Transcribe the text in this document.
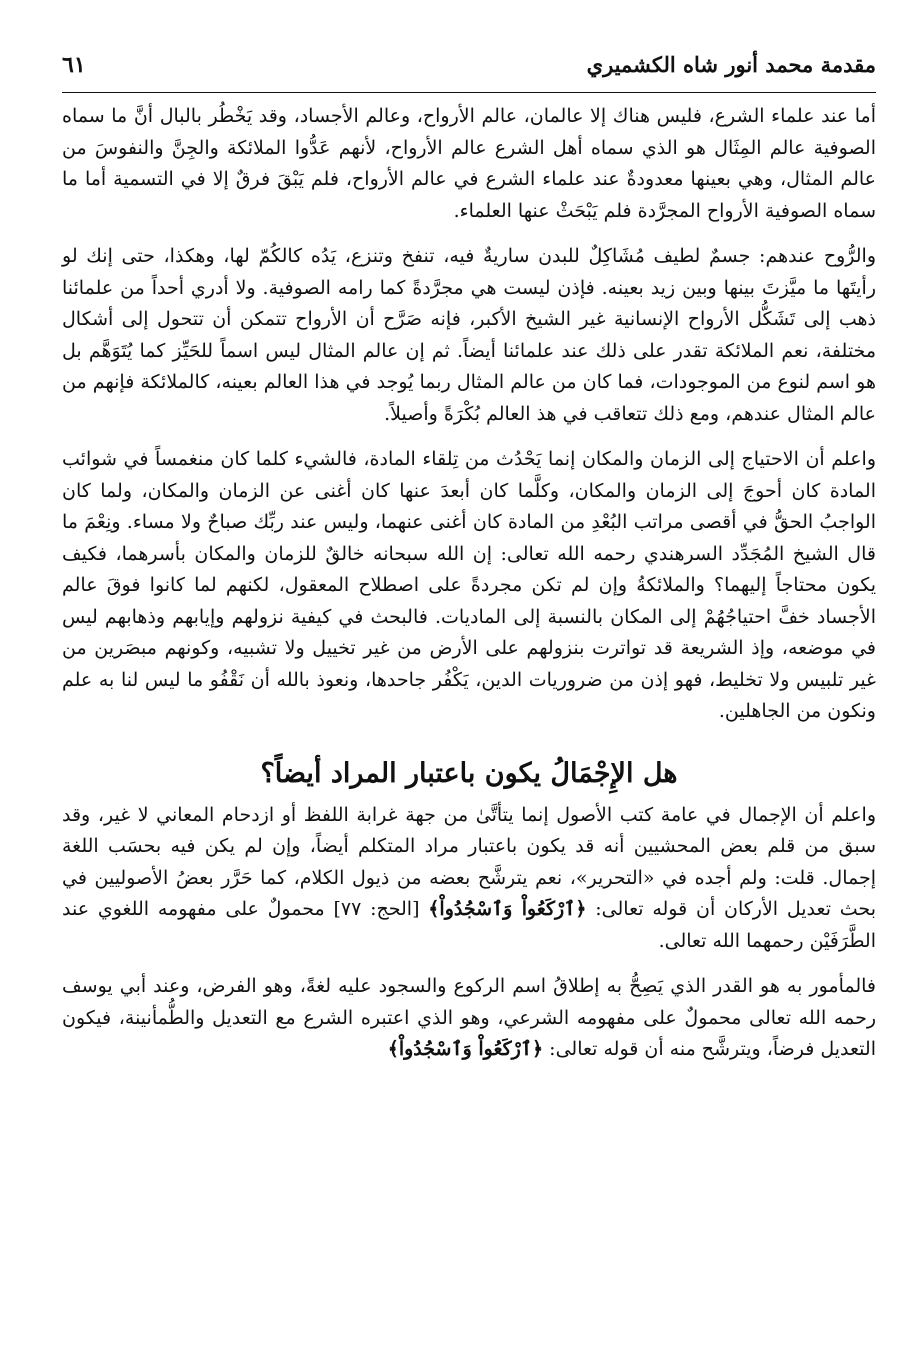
مقدمة محمد أنور شاه الكشميري
٦١

أما عند علماء الشرع، فليس هناك إلا عالمان، عالم الأرواح، وعالم الأجساد، وقد يَخْطُر بالبال أنَّ ما سماه الصوفية عالم المِثَال هو الذي سماه أهل الشرع عالم الأرواح، لأنهم عَدُّوا الملائكة والجِنَّ والنفوسَ من عالم المثال، وهي بعينها معدودةٌ عند علماء الشرع في عالم الأرواح، فلم يَبْقَ فرقٌ إلا في التسمية أما ما سماه الصوفية الأرواح المجرَّدة فلم يَبْحَثْ عنها العلماء.

والرُّوح عندهم: جسمٌ لطيف مُشَاكِلٌ للبدن ساريةٌ فيه، تنفخ وتنزع، يَدُه كالكُمّ لها، وهكذا، حتى إنك لو رأيتَها ما ميَّزتَ بينها وبين زيد بعينه. فإذن ليست هي مجرَّدةً كما رامه الصوفية. ولا أدري أحداً من علمائنا ذهب إلى تَشَكُّل الأرواح الإنسانية غير الشيخ الأكبر، فإنه صَرَّح أن الأرواح تتمكن أن تتحول إلى أشكال مختلفة، نعم الملائكة تقدر على ذلك عند علمائنا أيضاً. ثم إن عالم المثال ليس اسماً للحَيِّز كما يُتَوَهَّم بل هو اسم لنوع من الموجودات، فما كان من عالم المثال ربما يُوجد في هذا العالم بعينه، كالملائكة فإنهم من عالم المثال عندهم، ومع ذلك تتعاقب في هذ العالم بُكْرَةً وأصيلاً.

واعلم أن الاحتياج إلى الزمان والمكان إنما يَحْدُث من تِلقاء المادة، فالشيء كلما كان منغمساً في شوائب المادة كان أحوجَ إلى الزمان والمكان، وكلَّما كان أبعدَ عنها كان أغنى عن الزمان والمكان، ولما كان الواجبُ الحقُّ في أقصى مراتب البُعْدِ من المادة كان أغنى عنهما، وليس عند ربِّك صباحٌ ولا مساء. ونِعْمَ ما قال الشيخ المُجَدِّد السرهندي رحمه الله تعالى: إن الله سبحانه خالقٌ للزمان والمكان بأسرهما، فكيف يكون محتاجاً إليهما؟ والملائكةُ وإن لم تكن مجردةً على اصطلاح المعقول، لكنهم لما كانوا فوقَ عالم الأجساد خفَّ احتياجُهُمْ إلى المكان بالنسبة إلى الماديات. فالبحث في كيفية نزولهم وإيابهم وذهابهم ليس في موضعه، وإذ الشريعة قد تواترت بنزولهم على الأرض من غير تخييل ولا تشبيه، وكونهم مبصَرين من غير تلبيس ولا تخليط، فهو إذن من ضروريات الدين، يَكْفُر جاحدها، ونعوذ بالله أن نَقْفُو ما ليس لنا به علم ونكون من الجاهلين.

هل الإِجْمَالُ يكون باعتبار المراد أيضاً؟

واعلم أن الإجمال في عامة كتب الأصول إنما يتأتَّىٰ من جهة غرابة اللفظ أو ازدحام المعاني لا غير، وقد سبق من قلم بعض المحشيين أنه قد يكون باعتبار مراد المتكلم أيضاً، وإن لم يكن فيه بحسَب اللغة إجمال. قلت: ولم أجده في «التحرير»، نعم يترشَّح بعضه من ذيول الكلام، كما حَرَّر بعضُ الأصوليين في بحث تعديل الأركان أن قوله تعالى: ﴿ٱرْكَعُواْ وَٱسْجُدُواْ﴾ [الحج: ٧٧] محمولٌ على مفهومه اللغوي عند الطَّرَفَيْن رحمهما الله تعالى.

فالمأمور به هو القدر الذي يَصِحُّ به إطلاقُ اسم الركوع والسجود عليه لغةً، وهو الفرض، وعند أبي يوسف رحمه الله تعالى محمولٌ على مفهومه الشرعي، وهو الذي اعتبره الشرع مع التعديل والطُّمأنينة، فيكون التعديل فرضاً، ويترشَّح منه أن قوله تعالى: ﴿ٱرْكَعُواْ وَٱسْجُدُواْ﴾
